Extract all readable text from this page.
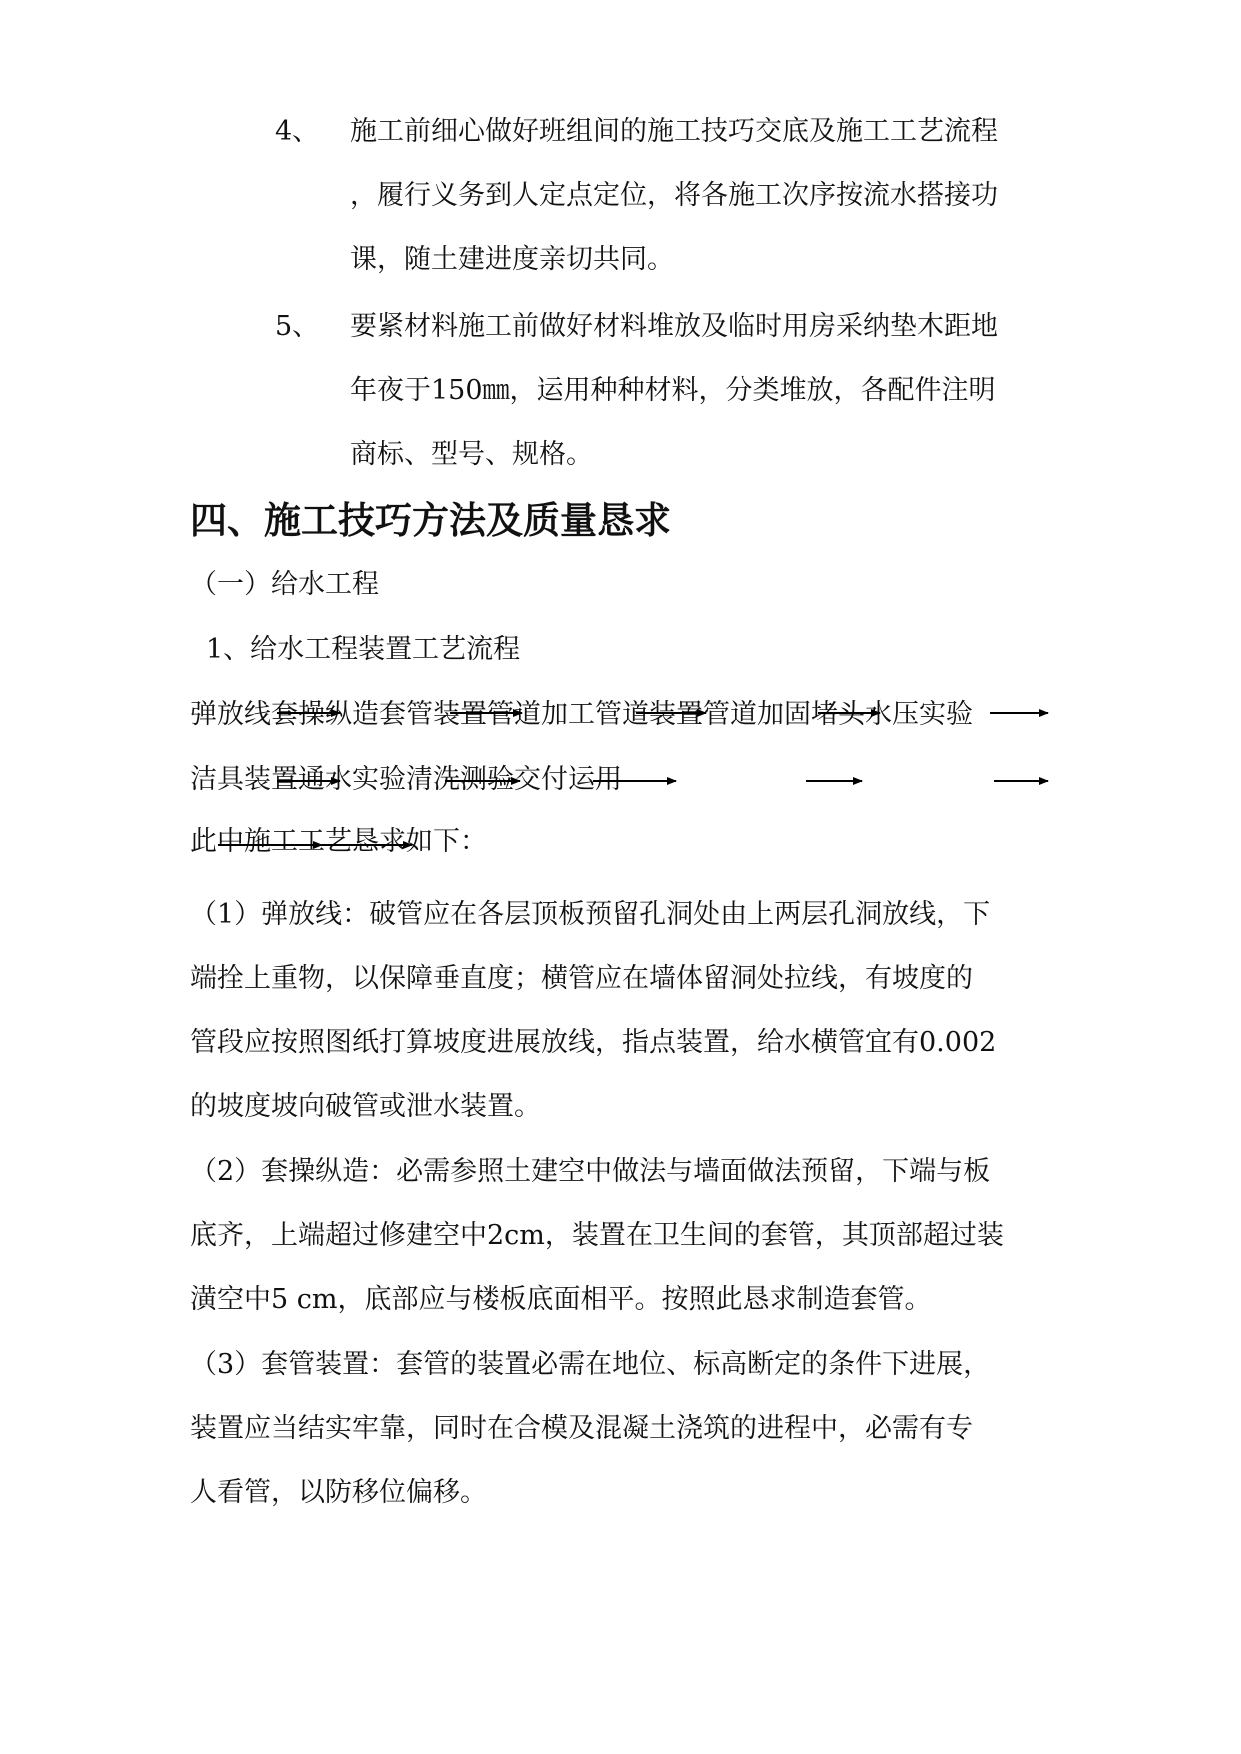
4、 施工前细心做好班组间的施工技巧交底及施工工艺流程
，履行义务到人定点定位，将各施工次序按流水搭接功
课，随土建进度亲切共同。
5、 要紧材料施工前做好材料堆放及临时用房采纳垫木距地
年夜于150㎜，运用种种材料，分类堆放，各配件注明
商标、型号、规格。
四、施工技巧方法及质量恳求
（一）给水工程
1、给水工程装置工艺流程
弹放线套操纵造套管装置管道加工管道装置管道加固堵头水压实验
洁具装置通水实验清洗测验交付运用
此中施工工艺恳求如下：
（1）弹放线：破管应在各层顶板预留孔洞处由上两层孔洞放线，下
端拴上重物，以保障垂直度；横管应在墙体留洞处拉线，有坡度的
管段应按照图纸打算坡度进展放线，指点装置，给水横管宜有0.002
的坡度坡向破管或泄水装置。
（2）套操纵造：必需参照土建空中做法与墙面做法预留，下端与板
底齐，上端超过修建空中2cm，装置在卫生间的套管，其顶部超过装
潢空中5 cm，底部应与楼板底面相平。按照此恳求制造套管。
（3）套管装置：套管的装置必需在地位、标高断定的条件下进展，
装置应当结实牢靠，同时在合模及混凝土浇筑的进程中，必需有专
人看管，以防移位偏移。
